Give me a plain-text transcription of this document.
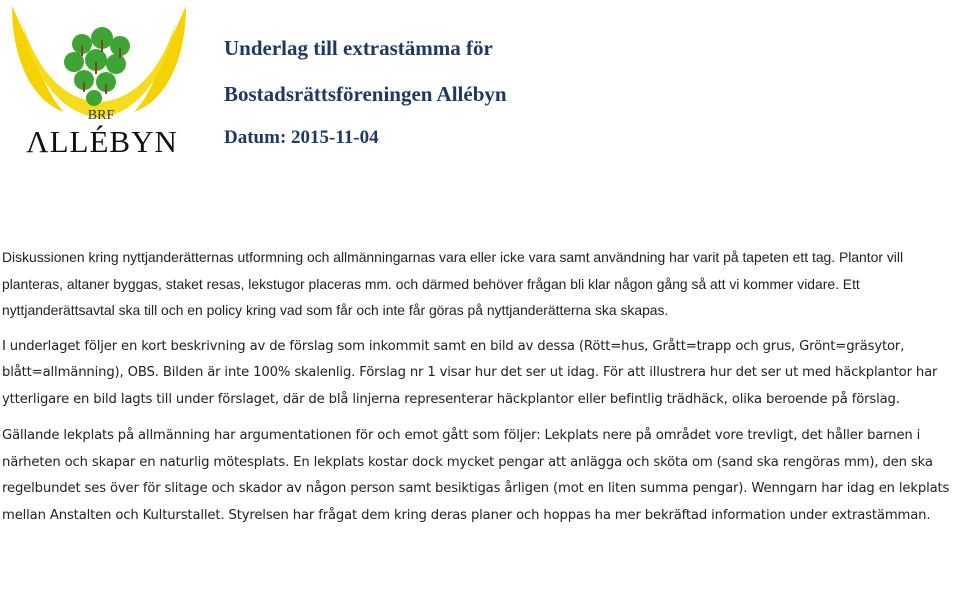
BRF
ΛLLÉBYN
Underlag till extrastämma för
Bostadsrättsföreningen Allébyn
Datum: 2015-11-04

Diskussionen kring nyttjanderätternas utformning och allmänningarnas vara eller icke vara samt användning har varit på tapeten ett tag. Plantor vill planteras, altaner byggas, staket resas, lekstugor placeras mm. och därmed behöver frågan bli klar någon gång så att vi kommer vidare. Ett nyttjanderättsavtal ska till och en policy kring vad som får och inte får göras på nyttjanderätterna ska skapas.

I underlaget följer en kort beskrivning av de förslag som inkommit samt en bild av dessa (Rött=hus, Grått=trapp och grus, Grönt=gräsytor, blått=allmänning), OBS. Bilden är inte 100% skalenlig. Förslag nr 1 visar hur det ser ut idag. För att illustrera hur det ser ut med häckplantor har ytterligare en bild lagts till under förslaget, där de blå linjerna representerar häckplantor eller befintlig trädhäck, olika beroende på förslag.

Gällande lekplats på allmänning har argumentationen för och emot gått som följer: Lekplats nere på området vore trevligt, det håller barnen i närheten och skapar en naturlig mötesplats. En lekplats kostar dock mycket pengar att anlägga och sköta om (sand ska rengöras mm), den ska regelbundet ses över för slitage och skador av någon person samt besiktigas årligen (mot en liten summa pengar). Wenngarn har idag en lekplats mellan Anstalten och Kulturstallet. Styrelsen har frågat dem kring deras planer och hoppas ha mer bekräftad information under extrastämman.
